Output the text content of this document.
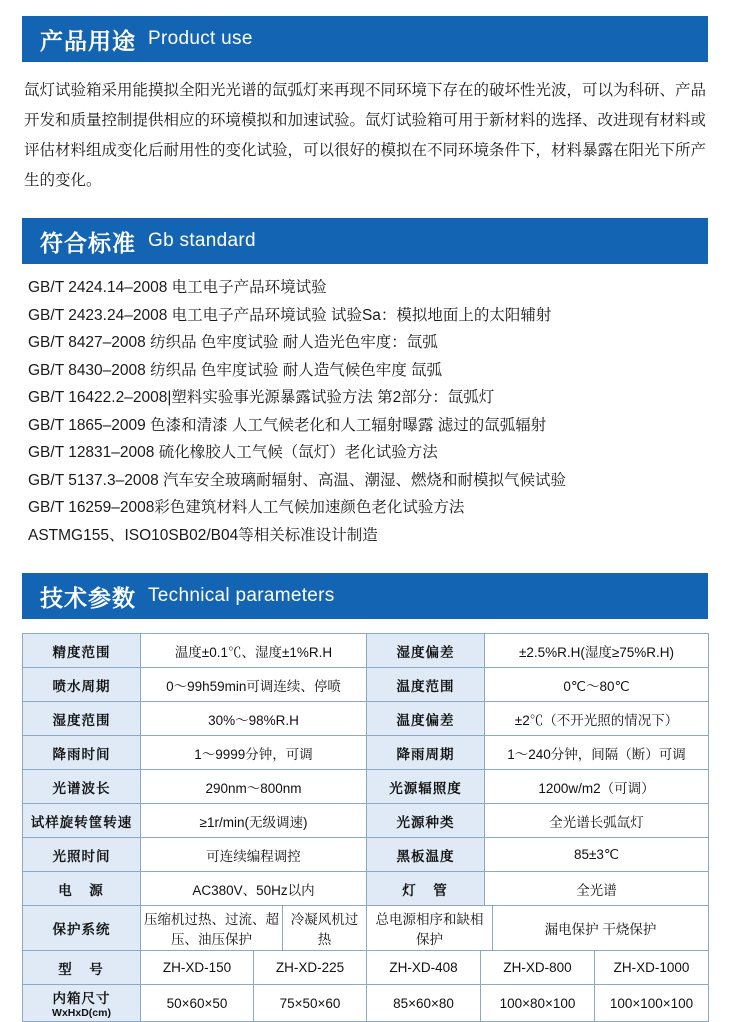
产品用途 Product use
氙灯试验箱采用能摸拟全阳光光谱的氙弧灯来再现不同环境下存在的破坏性光波，可以为科研、产品开发和质量控制提供相应的环境模拟和加速试验。氙灯试验箱可用于新材料的选择、改进现有材料或评估材料组成变化后耐用性的变化试验，可以很好的模拟在不同环境条件下，材料暴露在阳光下所产生的变化。
符合标准 Gb standard
GB/T 2424.14–2008 电工电子产品环境试验
GB/T 2423.24–2008 电工电子产品环境试验 试验Sa：模拟地面上的太阳辅射
GB/T 8427–2008 纺织品 色牢度试验 耐人造光色牢度：氙弧
GB/T 8430–2008 纺织品 色牢度试验 耐人造气候色牢度 氙弧
GB/T 16422.2–2008|塑料实验事光源暴露试验方法 第2部分：氙弧灯
GB/T 1865–2009 色漆和清漆 人工气候老化和人工辐射曝露 滤过的氙弧辐射
GB/T 12831–2008 硫化橡胶人工气候（氙灯）老化试验方法
GB/T 5137.3–2008 汽车安全玻璃耐辐射、高温、潮湿、燃烧和耐模拟气候试验
GB/T 16259–2008彩色建筑材料人工气候加速颜色老化试验方法
ASTMG155、ISO10SB02/B04等相关标准设计制造
技术参数 Technical parameters
精度范围	温度±0.1℃、湿度±1%R.H	湿度偏差	±2.5%R.H(湿度≥75%R.H)
喷水周期	0～99h59min可调连续、停喷	温度范围	0℃～80℃
湿度范围	30%～98%R.H	温度偏差	±2℃（不开光照的情况下）
降雨时间	1～9999分钟，可调	降雨周期	1～240分钟，间隔（断）可调
光谱波长	290nm～800nm	光源辐照度	1200w/m2（可调）
试样旋转筐转速	≥1r/min(无级调速)	光源种类	全光谱长弧氙灯
光照时间	可连续编程调控	黑板温度	85±3℃
电　源	AC380V、50Hz以内	灯　管	全光谱
保护系统	压缩机过热、过流、超压、油压保护	冷凝风机过热	总电源相序和缺相保护	漏电保护 干烧保护
型　号	ZH-XD-150	ZH-XD-225	ZH-XD-408	ZH-XD-800	ZH-XD-1000
内箱尺寸
WxHxD(cm)	50×60×50	75×50×60	85×60×80	100×80×100	100×100×100
